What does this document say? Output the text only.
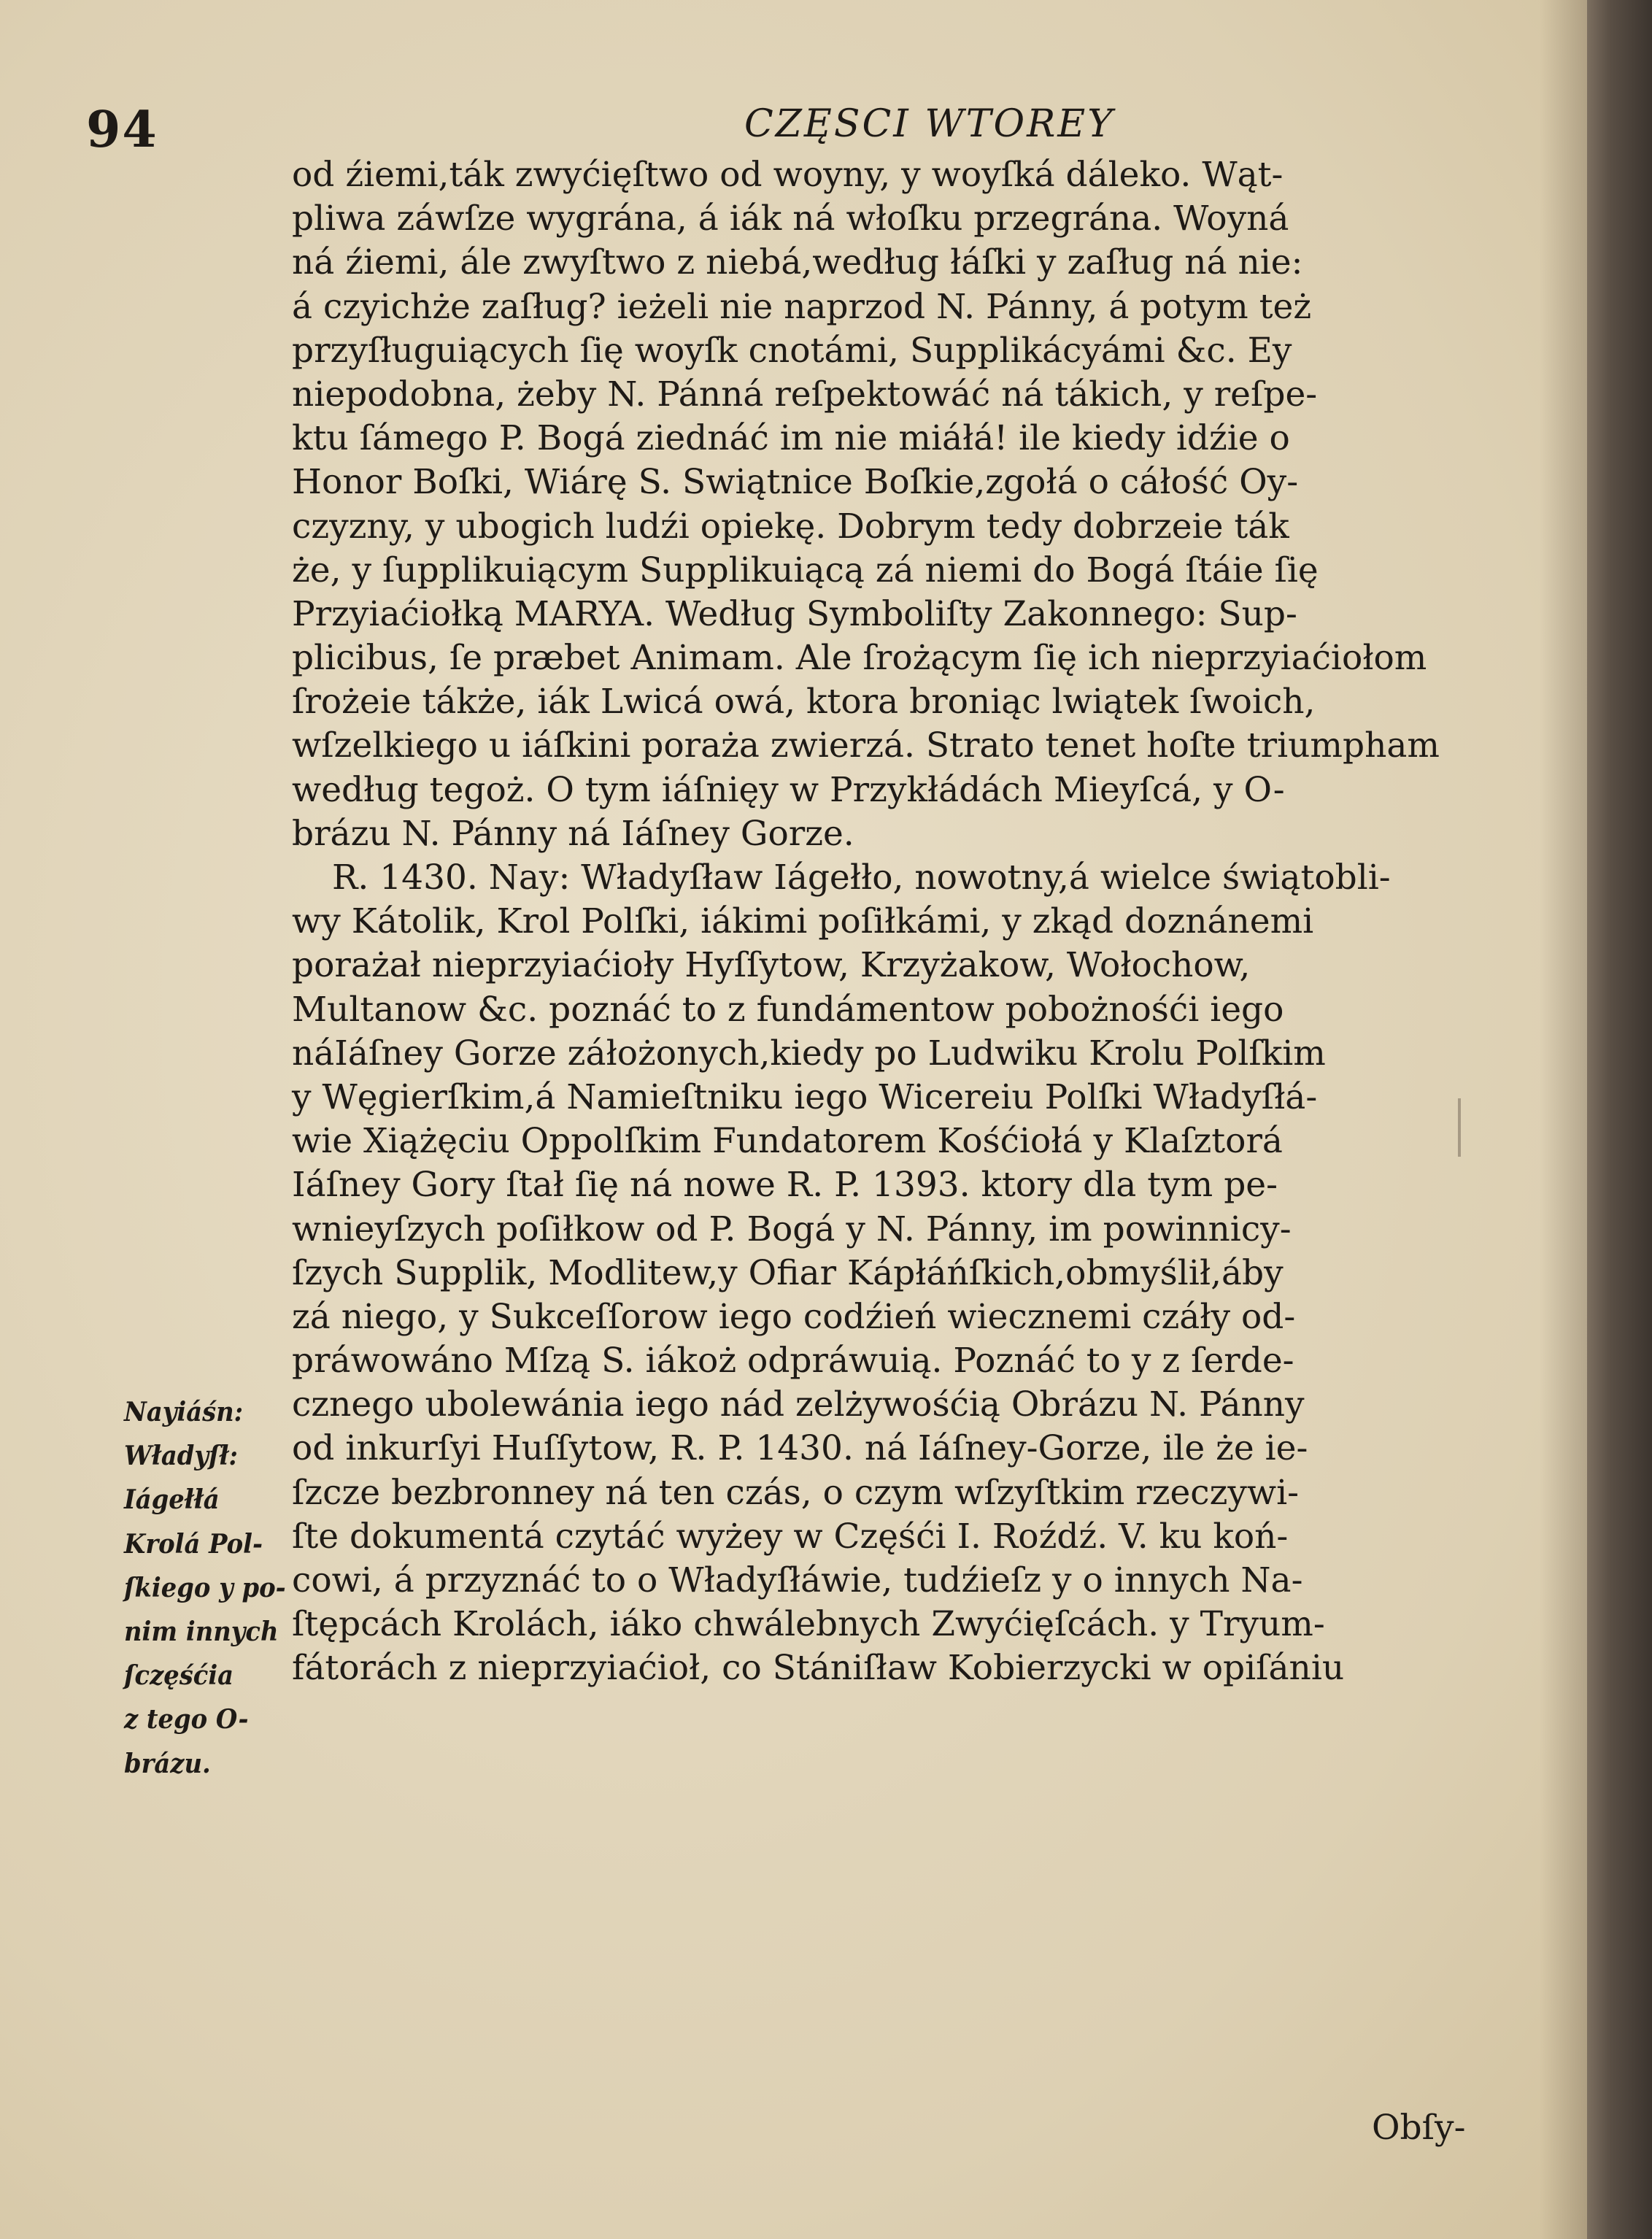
94	CZĘSCI WTOREY
od źiemi,ták zwyćięſtwo od woyny, y woyſká dáleko. Wąt-
pliwa záwſze wygrána, á iák ná włoſku przegrána. Woyná
ná źiemi, ále zwyſtwo z niebá,według łáſki y zaſług ná nie:
á czyichże zaſług? ieżeli nie naprzod N. Pánny, á potym też
przyſługuiących ſię woyſk cnotámi, Supplikácyámi &c. Ey
niepodobna, żeby N. Pánná reſpektowáć ná tákich, y reſpe-
ktu ſámego P. Bogá ziednáć im nie miáłá! ile kiedy idźie o
Honor Boſki, Wiárę S. Swiątnice Boſkie,zgołá o cáłość Oy-
czyzny, y ubogich ludźi opiekę. Dobrym tedy dobrzeie ták
że, y ſupplikuiącym Supplikuiącą zá niemi do Bogá ſtáie ſię
Przyiaćiołką MARYA. Według Symboliſty Zakonnego: Sup-
plicibus, ſe præbet Animam. Ale ſrożącym ſię ich nieprzyiaćiołom
ſrożeie tákże, iák Lwicá owá, ktora broniąc lwiątek ſwoich,
wſzelkiego u iáſkini poraża zwierzá. Strato tenet hoſte triumpham
według tegoż. O tym iáſnięy w Przykłádách Mieyſcá, y O-
brázu N. Pánny ná Iáſney Gorze.
R. 1430. Nay: Władyſław Iágełło, nowotny,á wielce świątobli-
wy Kátolik, Krol Polſki, iákimi poſiłkámi, y zkąd doznánemi
porażał nieprzyiaćioły Hyſſytow, Krzyżakow, Wołochow,
Multanow &c. poznáć to z fundámentow pobożnośći iego
náIáſney Gorze záłożonych,kiedy po Ludwiku Krolu Polſkim
y Węgierſkim,á Namieſtniku iego Wicereiu Polſki Władyſłá-
wie Xiążęciu Oppolſkim Fundatorem Kośćiołá y Klaſztorá
Iáſney Gory ſtał ſię ná nowe R. P. 1393. ktory dla tym pe-
wnieyſzych poſiłkow od P. Bogá y N. Pánny, im powinnicy-
ſzych Supplik, Modlitew,y Ofiar Kápłáńſkich,obmyślił,áby
zá niego, y Sukceſſorow iego codźień wiecznemi czáły od-
práwowáno Mſzą S. iákoż odpráwuią. Poznáć to y z ſerde-
cznego ubolewánia iego nád zelżywośćią Obrázu N. Pánny
od inkurſyi Huſſytow, R. P. 1430. ná Iáſney-Gorze, ile że ie-
ſzcze bezbronney ná ten czás, o czym wſzyſtkim rzeczywi-
ſte dokumentá czytáć wyżey w Częśći I. Roźdź. V. ku koń-
cowi, á przyznáć to o Władyſłáwie, tudźieſz y o innych Na-
ſtępcách Krolách, iáko chwálebnych Zwyćięſcách. y Tryum-
fátorách z nieprzyiaćioł, co Stániſław Kobierzycki w opiſániu
Nayiáśn:
Władyſł:
Iágełłá
Krolá Pol-
ſkiego y po-
nim innych
ſczęśćia
z tego O-
brázu.
Obſy-
